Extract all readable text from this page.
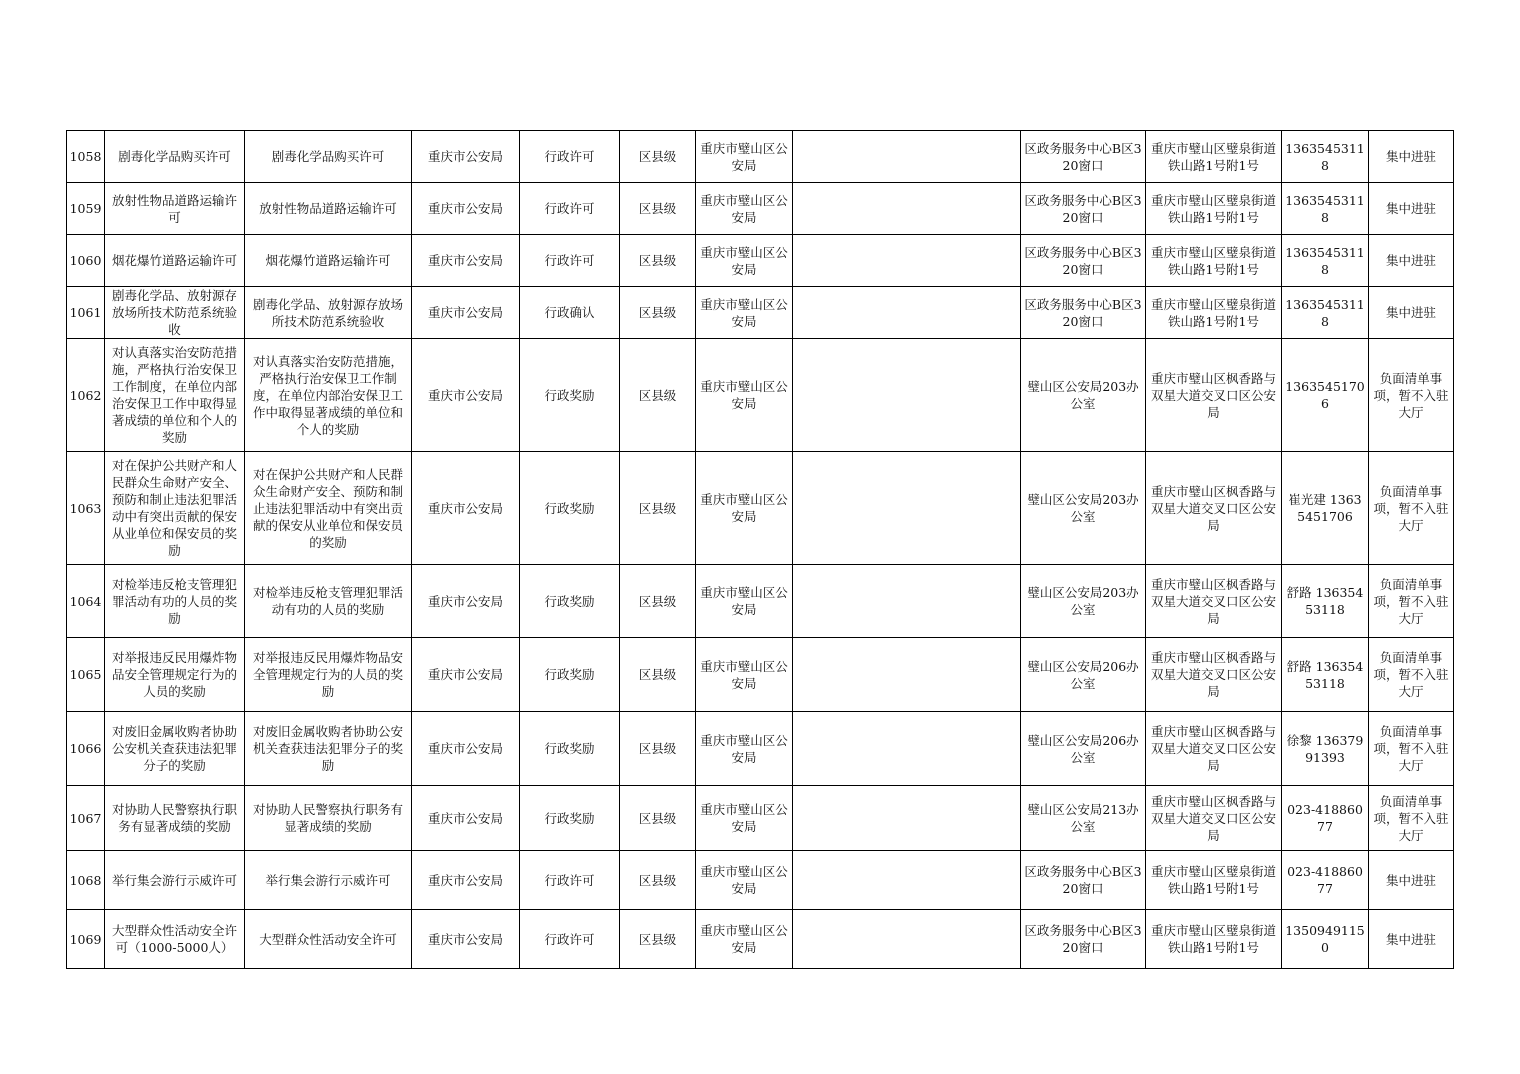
1058	剧毒化学品购买许可	剧毒化学品购买许可	重庆市公安局	行政许可	区县级	重庆市璧山区公安局		区政务服务中心B区320窗口	重庆市璧山区璧泉街道铁山路1号附1号	13635453118	集中进驻
1059	放射性物品道路运输许可	放射性物品道路运输许可	重庆市公安局	行政许可	区县级	重庆市璧山区公安局		区政务服务中心B区320窗口	重庆市璧山区璧泉街道铁山路1号附1号	13635453118	集中进驻
1060	烟花爆竹道路运输许可	烟花爆竹道路运输许可	重庆市公安局	行政许可	区县级	重庆市璧山区公安局		区政务服务中心B区320窗口	重庆市璧山区璧泉街道铁山路1号附1号	13635453118	集中进驻
1061	剧毒化学品、放射源存放场所技术防范系统验收	剧毒化学品、放射源存放场所技术防范系统验收	重庆市公安局	行政确认	区县级	重庆市璧山区公安局		区政务服务中心B区320窗口	重庆市璧山区璧泉街道铁山路1号附1号	13635453118	集中进驻
1062	对认真落实治安防范措施，严格执行治安保卫工作制度，在单位内部治安保卫工作中取得显著成绩的单位和个人的奖励	对认真落实治安防范措施，严格执行治安保卫工作制度，在单位内部治安保卫工作中取得显著成绩的单位和个人的奖励	重庆市公安局	行政奖励	区县级	重庆市璧山区公安局		璧山区公安局203办公室	重庆市璧山区枫香路与双星大道交叉口区公安局	13635451706	负面清单事项，暂不入驻大厅
1063	对在保护公共财产和人民群众生命财产安全、预防和制止违法犯罪活动中有突出贡献的保安从业单位和保安员的奖励	对在保护公共财产和人民群众生命财产安全、预防和制止违法犯罪活动中有突出贡献的保安从业单位和保安员的奖励	重庆市公安局	行政奖励	区县级	重庆市璧山区公安局		璧山区公安局203办公室	重庆市璧山区枫香路与双星大道交叉口区公安局	崔光建 13635451706	负面清单事项，暂不入驻大厅
1064	对检举违反枪支管理犯罪活动有功的人员的奖励	对检举违反枪支管理犯罪活动有功的人员的奖励	重庆市公安局	行政奖励	区县级	重庆市璧山区公安局		璧山区公安局203办公室	重庆市璧山区枫香路与双星大道交叉口区公安局	舒路 13635453118	负面清单事项，暂不入驻大厅
1065	对举报违反民用爆炸物品安全管理规定行为的人员的奖励	对举报违反民用爆炸物品安全管理规定行为的人员的奖励	重庆市公安局	行政奖励	区县级	重庆市璧山区公安局		璧山区公安局206办公室	重庆市璧山区枫香路与双星大道交叉口区公安局	舒路 13635453118	负面清单事项，暂不入驻大厅
1066	对废旧金属收购者协助公安机关查获违法犯罪分子的奖励	对废旧金属收购者协助公安机关查获违法犯罪分子的奖励	重庆市公安局	行政奖励	区县级	重庆市璧山区公安局		璧山区公安局206办公室	重庆市璧山区枫香路与双星大道交叉口区公安局	徐黎 13637991393	负面清单事项，暂不入驻大厅
1067	对协助人民警察执行职务有显著成绩的奖励	对协助人民警察执行职务有显著成绩的奖励	重庆市公安局	行政奖励	区县级	重庆市璧山区公安局		璧山区公安局213办公室	重庆市璧山区枫香路与双星大道交叉口区公安局	023-41886077	负面清单事项，暂不入驻大厅
1068	举行集会游行示威许可	举行集会游行示威许可	重庆市公安局	行政许可	区县级	重庆市璧山区公安局		区政务服务中心B区320窗口	重庆市璧山区璧泉街道铁山路1号附1号	023-41886077	集中进驻
1069	大型群众性活动安全许可（1000-5000人）	大型群众性活动安全许可	重庆市公安局	行政许可	区县级	重庆市璧山区公安局		区政务服务中心B区320窗口	重庆市璧山区璧泉街道铁山路1号附1号	13509491150	集中进驻
